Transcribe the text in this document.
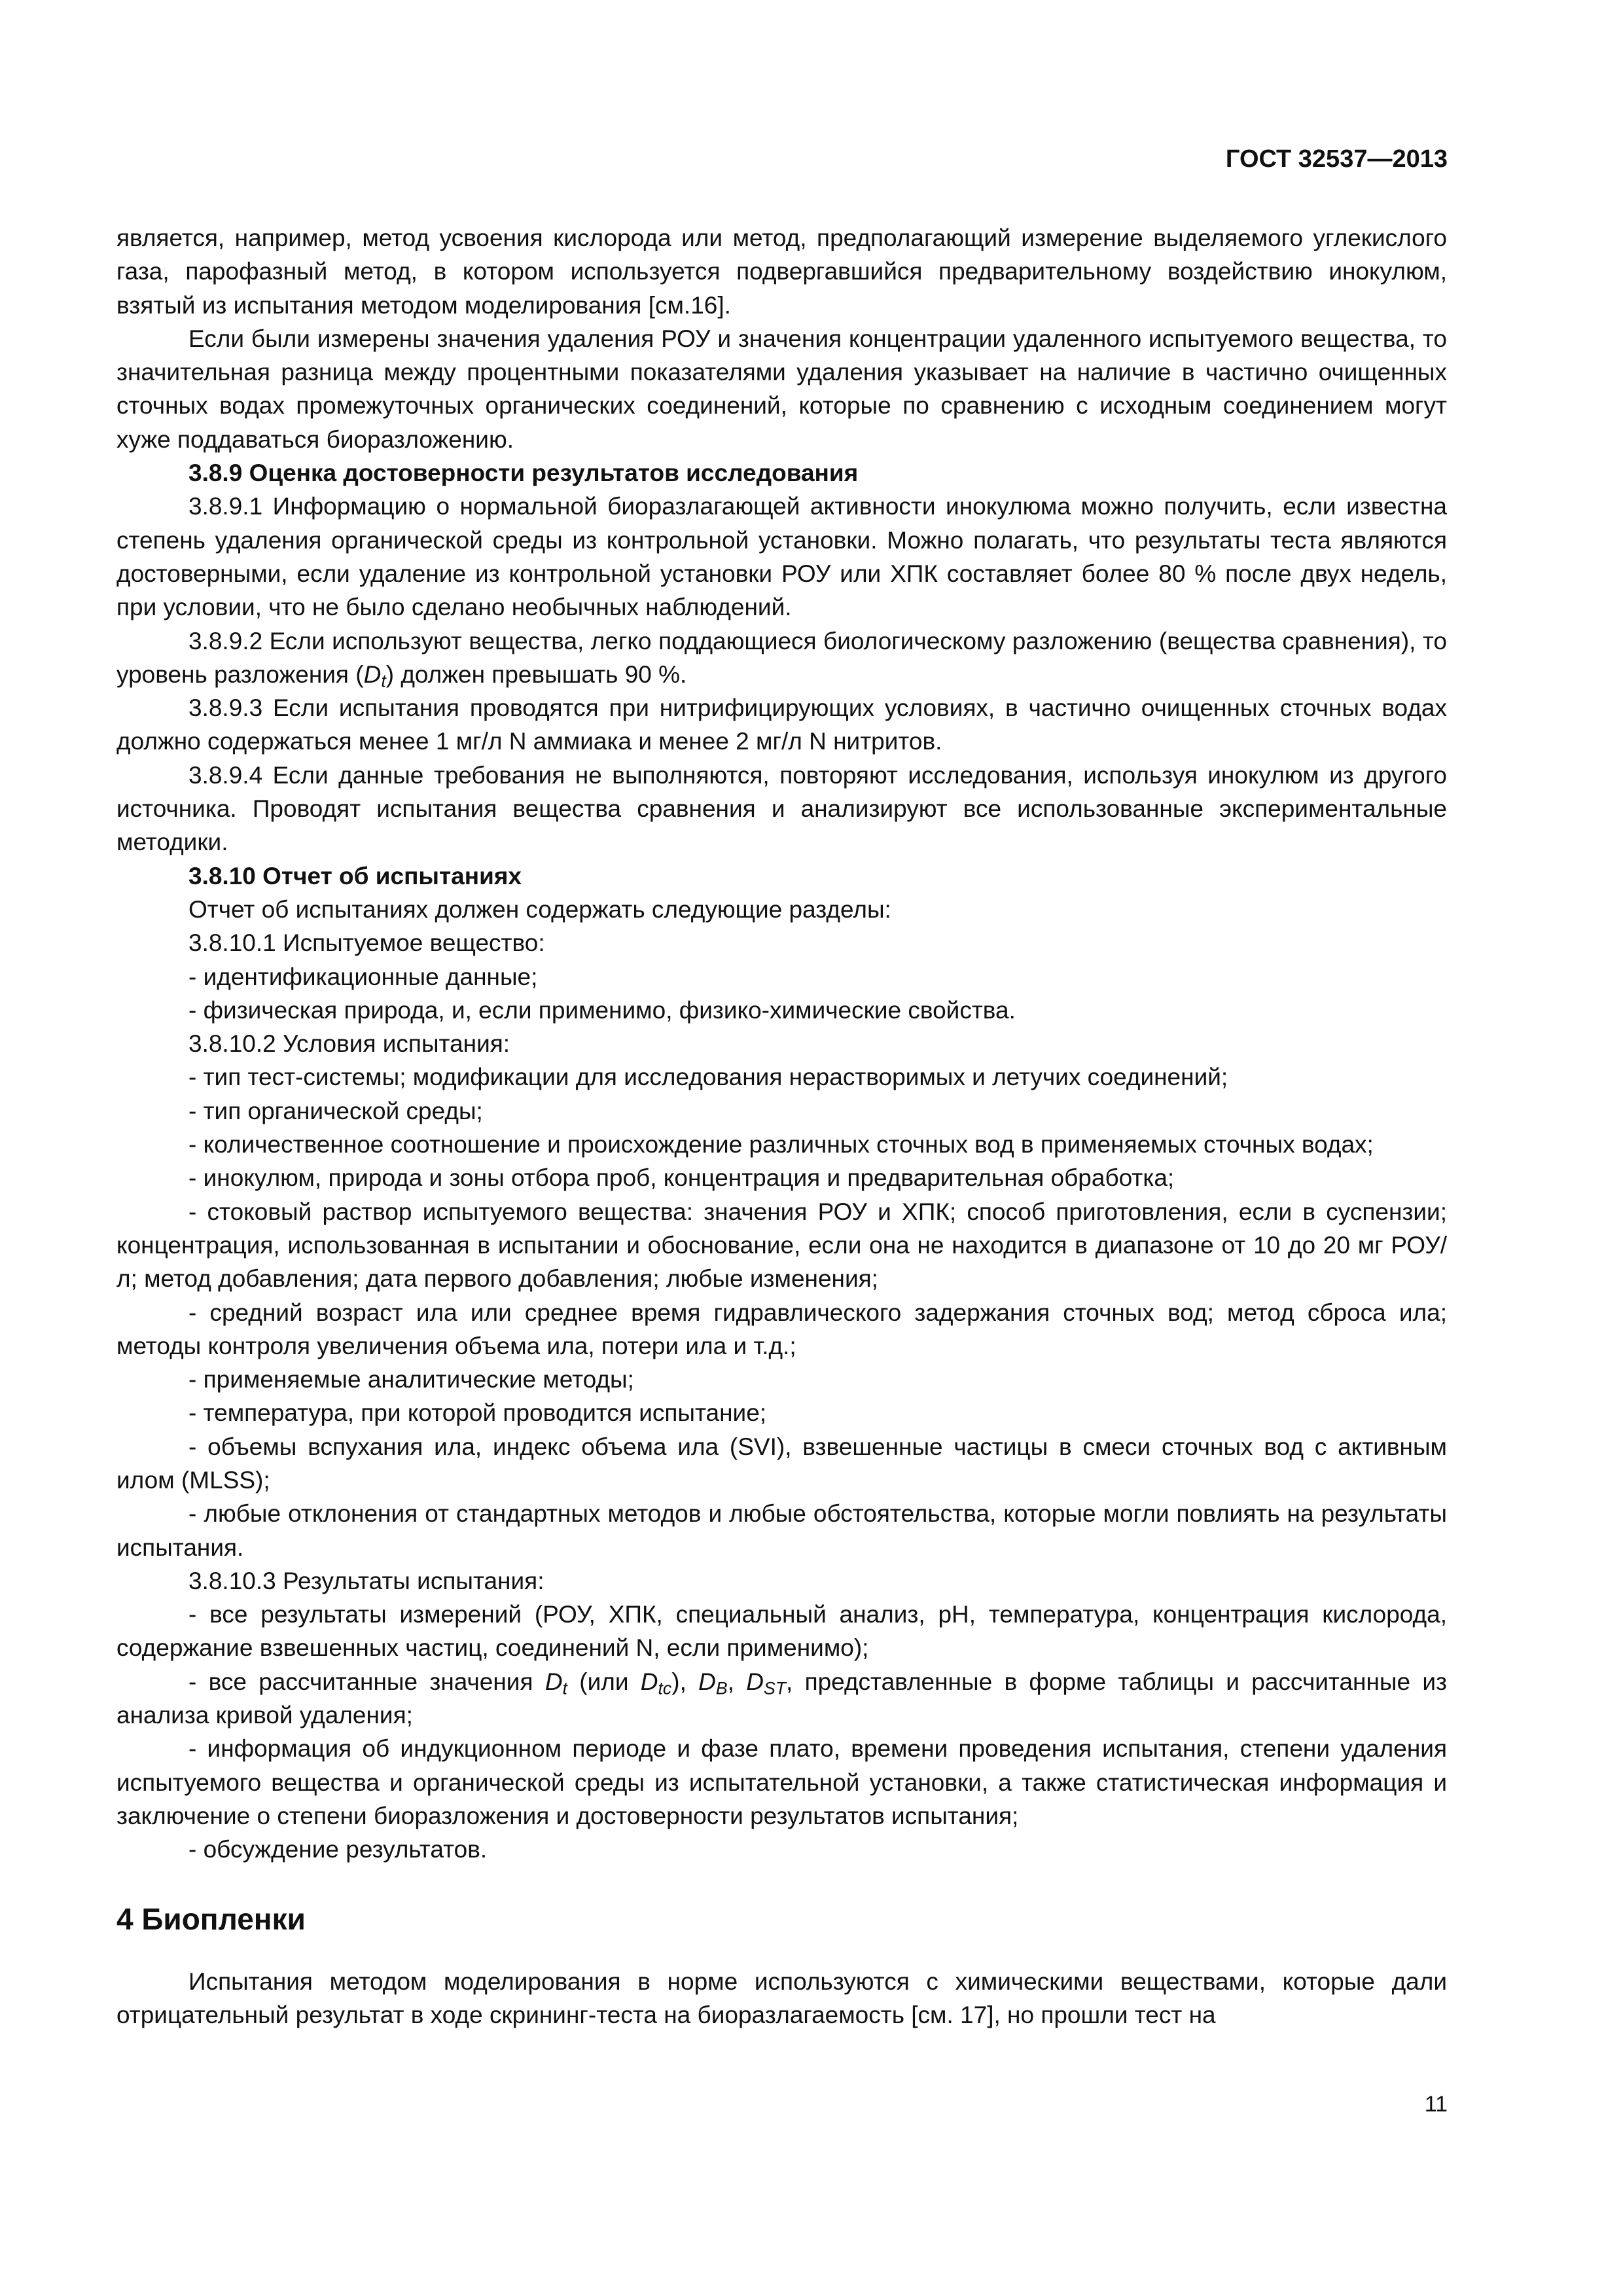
ГОСТ 32537—2013

является, например, метод усвоения кислорода или метод, предполагающий измерение выделяемого углекислого газа, парофазный метод, в котором используется подвергавшийся предварительному воздействию инокулюм, взятый из испытания методом моделирования [см.16].

Если были измерены значения удаления РОУ и значения концентрации удаленного испытуемого вещества, то значительная разница между процентными показателями удаления указывает на наличие в частично очищенных сточных водах промежуточных органических соединений, которые по сравнению с исходным соединением могут хуже поддаваться биоразложению.

3.8.9 Оценка достоверности результатов исследования

3.8.9.1 Информацию о нормальной биоразлагающей активности инокулюма можно получить, если известна степень удаления органической среды из контрольной установки. Можно полагать, что результаты теста являются достоверными, если удаление из контрольной установки РОУ или ХПК составляет более 80 % после двух недель, при условии, что не было сделано необычных наблюдений.

3.8.9.2 Если используют вещества, легко поддающиеся биологическому разложению (вещества сравнения), то уровень разложения $(D_t)$ должен превышать 90 %.

3.8.9.3 Если испытания проводятся при нитрифицирующих условиях, в частично очищенных сточных водах должно содержаться менее 1 мг/л N аммиака и менее 2 мг/л N нитритов.

3.8.9.4 Если данные требования не выполняются, повторяют исследования, используя инокулюм из другого источника. Проводят испытания вещества сравнения и анализируют все использованные экспериментальные методики.

3.8.10 Отчет об испытаниях

Отчет об испытаниях должен содержать следующие разделы:

3.8.10.1 Испытуемое вещество:

- идентификационные данные;

- физическая природа, и, если применимо, физико-химические свойства.

3.8.10.2 Условия испытания:

- тип тест-системы; модификации для исследования нерастворимых и летучих соединений;

- тип органической среды;

- количественное соотношение и происхождение различных сточных вод в применяемых сточных водах;

- инокулюм, природа и зоны отбора проб, концентрация и предварительная обработка;

- стоковый раствор испытуемого вещества: значения РОУ и ХПК; способ приготовления, если в суспензии; концентрация, использованная в испытании и обоснование, если она не находится в диапазоне от 10 до 20 мг РОУ/л; метод добавления; дата первого добавления; любые изменения;

- средний возраст ила или среднее время гидравлического задержания сточных вод; метод сброса ила; методы контроля увеличения объема ила, потери ила и т.д.;

- применяемые аналитические методы;

- температура, при которой проводится испытание;

- объемы вспухания ила, индекс объема ила (SVI), взвешенные частицы в смеси сточных вод с активным илом (MLSS);

- любые отклонения от стандартных методов и любые обстоятельства, которые могли повлиять на результаты испытания.

3.8.10.3 Результаты испытания:

- все результаты измерений (РОУ, ХПК, специальный анализ, pH, температура, концентрация кислорода, содержание взвешенных частиц, соединений N, если применимо);

- все рассчитанные значения $D_t$ (или $D_{tc}$), $D_B$, $D_{ST}$, представленные в форме таблицы и рассчитанные из анализа кривой удаления;

- информация об индукционном периоде и фазе плато, времени проведения испытания, степени удаления испытуемого вещества и органической среды из испытательной установки, а также статистическая информация и заключение о степени биоразложения и достоверности результатов испытания;

- обсуждение результатов.

4 Биопленки

Испытания методом моделирования в норме используются с химическими веществами, которые дали отрицательный результат в ходе скрининг-теста на биоразлагаемость [см. 17], но прошли тест на

11
